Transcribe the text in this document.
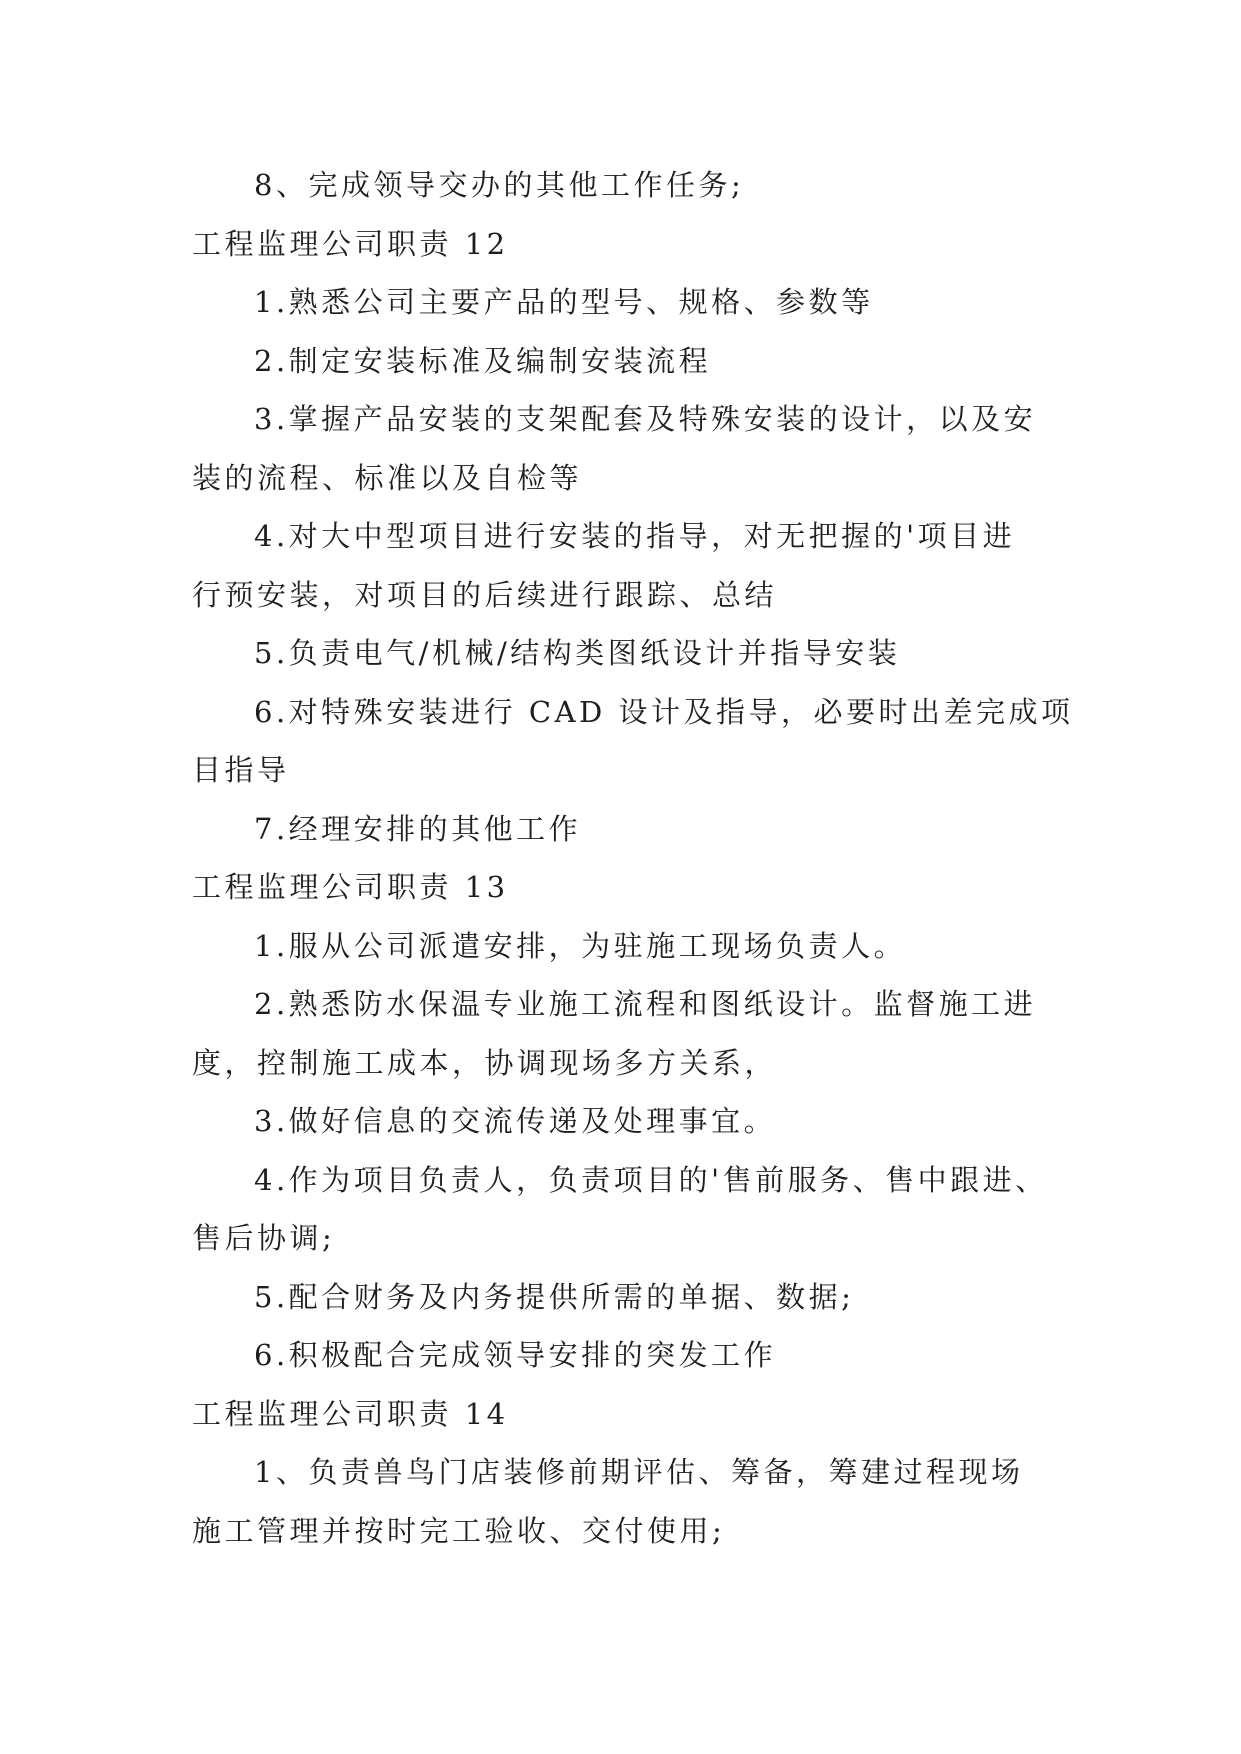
8、完成领导交办的其他工作任务;
工程监理公司职责 12
1.熟悉公司主要产品的型号、规格、参数等
2.制定安装标准及编制安装流程
3.掌握产品安装的支架配套及特殊安装的设计，以及安
装的流程、标准以及自检等
4.对大中型项目进行安装的指导，对无把握的'项目进
行预安装，对项目的后续进行跟踪、总结
5.负责电气/机械/结构类图纸设计并指导安装
6.对特殊安装进行 CAD 设计及指导，必要时出差完成项
目指导
7.经理安排的其他工作
工程监理公司职责 13
1.服从公司派遣安排，为驻施工现场负责人。
2.熟悉防水保温专业施工流程和图纸设计。监督施工进
度，控制施工成本，协调现场多方关系，
3.做好信息的交流传递及处理事宜。
4.作为项目负责人，负责项目的'售前服务、售中跟进、
售后协调;
5.配合财务及内务提供所需的单据、数据;
6.积极配合完成领导安排的突发工作
工程监理公司职责 14
1、负责兽鸟门店装修前期评估、筹备，筹建过程现场
施工管理并按时完工验收、交付使用;
